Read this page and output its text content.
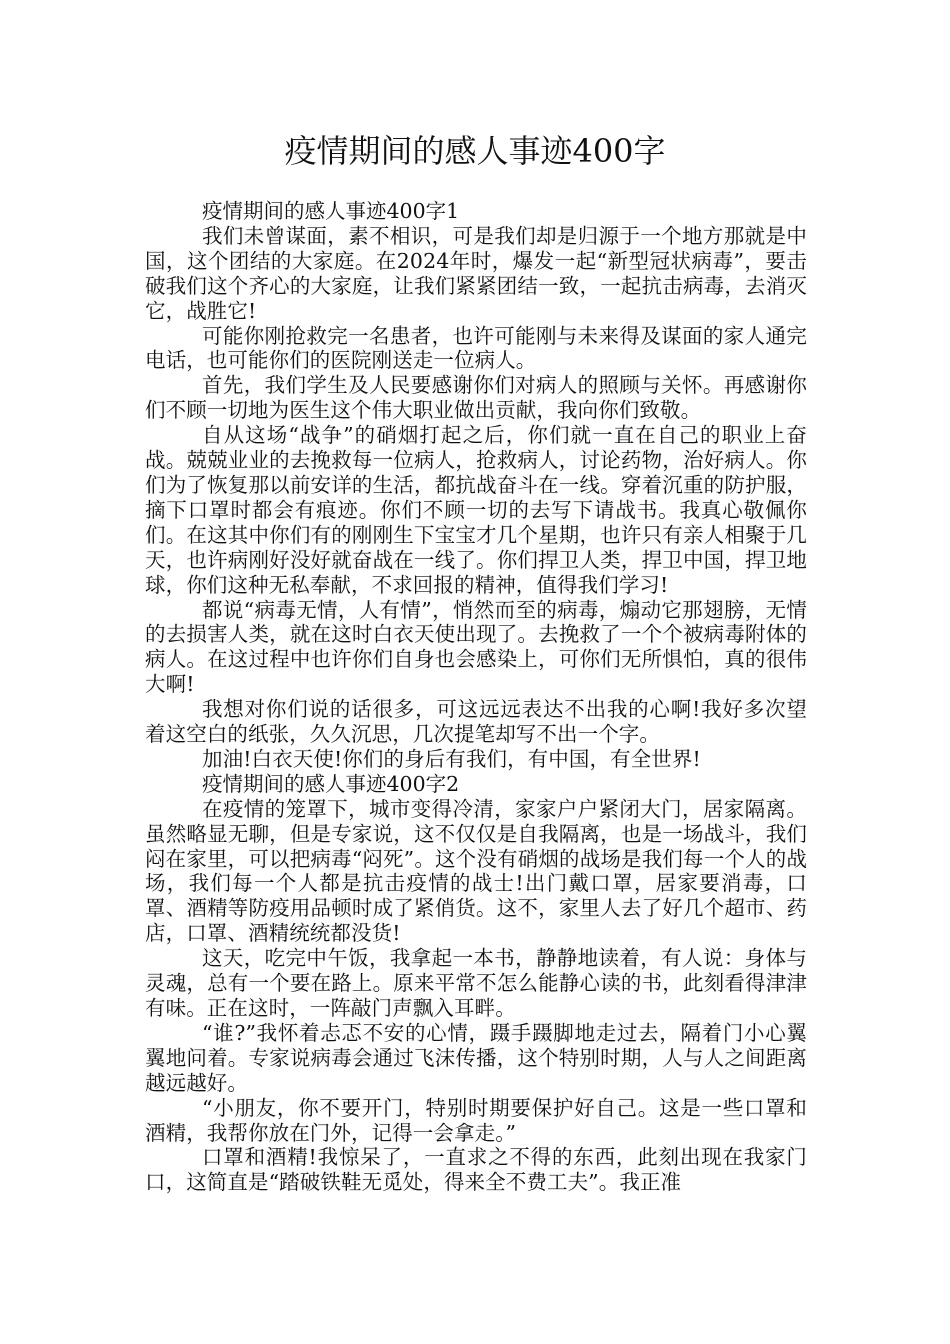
疫情期间的感人事迹400字

疫情期间的感人事迹400字1

我们未曾谋面，素不相识，可是我们却是归源于一个地方那就是中国，这个团结的大家庭。在2024年时，爆发一起“新型冠状病毒”，要击破我们这个齐心的大家庭，让我们紧紧团结一致，一起抗击病毒，去消灭它，战胜它!

可能你刚抢救完一名患者，也许可能刚与未来得及谋面的家人通完电话，也可能你们的医院刚送走一位病人。

首先，我们学生及人民要感谢你们对病人的照顾与关怀。再感谢你们不顾一切地为医生这个伟大职业做出贡献，我向你们致敬。

自从这场“战争”的硝烟打起之后，你们就一直在自己的职业上奋战。兢兢业业的去挽救每一位病人，抢救病人，讨论药物，治好病人。你们为了恢复那以前安详的生活，都抗战奋斗在一线。穿着沉重的防护服，摘下口罩时都会有痕迹。你们不顾一切的去写下请战书。我真心敬佩你们。在这其中你们有的刚刚生下宝宝才几个星期，也许只有亲人相聚于几天，也许病刚好没好就奋战在一线了。你们捍卫人类，捍卫中国，捍卫地球，你们这种无私奉献，不求回报的精神，值得我们学习!

都说“病毒无情，人有情”，悄然而至的病毒，煽动它那翅膀，无情的去损害人类，就在这时白衣天使出现了。去挽救了一个个被病毒附体的病人。在这过程中也许你们自身也会感染上，可你们无所惧怕，真的很伟大啊!

我想对你们说的话很多，可这远远表达不出我的心啊!我好多次望着这空白的纸张，久久沉思，几次提笔却写不出一个字。

加油!白衣天使!你们的身后有我们，有中国，有全世界!

疫情期间的感人事迹400字2

在疫情的笼罩下，城市变得冷清，家家户户紧闭大门，居家隔离。虽然略显无聊，但是专家说，这不仅仅是自我隔离，也是一场战斗，我们闷在家里，可以把病毒“闷死”。这个没有硝烟的战场是我们每一个人的战场，我们每一个人都是抗击疫情的战士!出门戴口罩，居家要消毒，口罩、酒精等防疫用品顿时成了紧俏货。这不，家里人去了好几个超市、药店，口罩、酒精统统都没货!

这天，吃完中午饭，我拿起一本书，静静地读着，有人说：身体与灵魂，总有一个要在路上。原来平常不怎么能静心读的书，此刻看得津津有味。正在这时，一阵敲门声飘入耳畔。

“谁?”我怀着忐忑不安的心情，蹑手蹑脚地走过去，隔着门小心翼翼地问着。专家说病毒会通过飞沫传播，这个特别时期，人与人之间距离越远越好。

“小朋友，你不要开门，特别时期要保护好自己。这是一些口罩和酒精，我帮你放在门外，记得一会拿走。”

口罩和酒精!我惊呆了，一直求之不得的东西，此刻出现在我家门口，这简直是“踏破铁鞋无觅处，得来全不费工夫”。我正准
